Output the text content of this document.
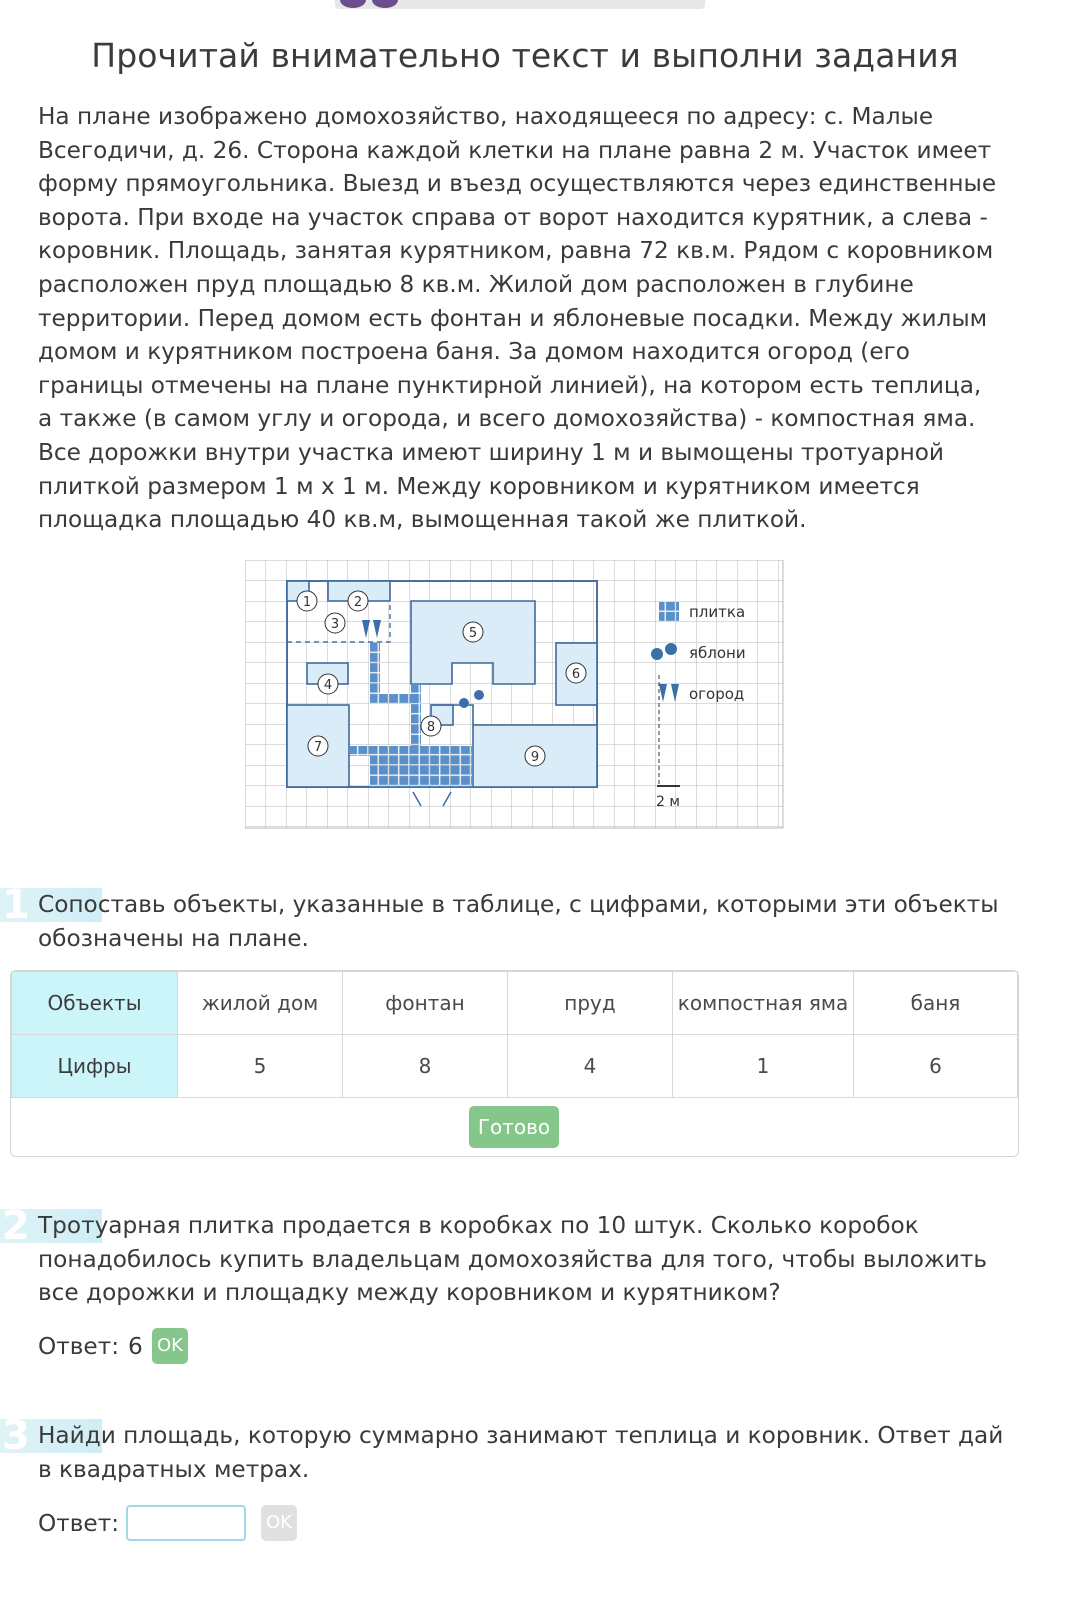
Прочитай внимательно текст и выполни задания
На плане изображено домохозяйство, находящееся по адресу: с. Малые
Всегодичи, д. 26. Сторона каждой клетки на плане равна 2 м. Участок имеет
форму прямоугольника. Выезд и въезд осуществляются через единственные
ворота. При входе на участок справа от ворот находится курятник, а слева -
коровник. Площадь, занятая курятником, равна 72 кв.м. Рядом с коровником
расположен пруд площадью 8 кв.м. Жилой дом расположен в глубине
территории. Перед домом есть фонтан и яблоневые посадки. Между жилым
домом и курятником построена баня. За домом находится огород (его
границы отмечены на плане пунктирной линией), на котором есть теплица,
а также (в самом углу и огорода, и всего домохозяйства) - компостная яма.
Все дорожки внутри участка имеют ширину 1 м и вымощены тротуарной
плиткой размером 1 м х 1 м. Между коровником и курятником имеется
площадка площадью 40 кв.м, вымощенная такой же плиткой.
1	2
3
4
5
6
7
8
9
плитка
яблони
огород
2 м
1 Сопоставь объекты, указанные в таблице, с цифрами, которыми эти объекты
обозначены на плане.
Объекты	жилой дом	фонтан	пруд	компостная яма	баня
Цифры	5	8	4	1	6
Готово
2 Тротуарная плитка продается в коробках по 10 штук. Сколько коробок
понадобилось купить владельцам домохозяйства для того, чтобы выложить
все дорожки и площадку между коровником и курятником?
Ответ: 6 OK
3 Найди площадь, которую суммарно занимают теплица и коровник. Ответ дай
в квадратных метрах.
Ответ:	OK
